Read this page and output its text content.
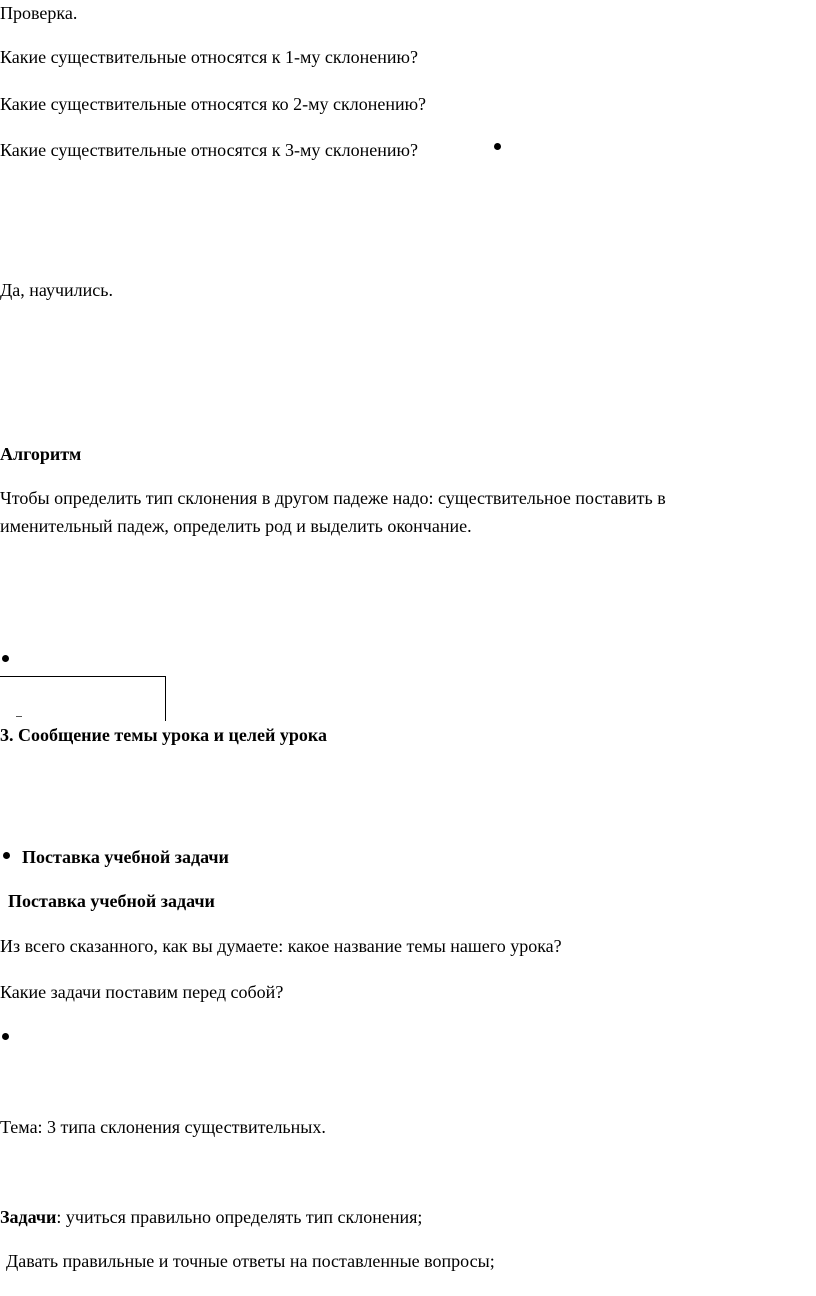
Проверка.
Какие существительные относятся к 1-му склонению?
Какие существительные относятся ко 2-му склонению?
Какие существительные относятся к 3-му склонению?
Да, научились.
Алгоритм
Чтобы определить тип склонения в другом падеже надо: существительное поставить в
именительный падеж, определить род и выделить окончание.
3. Сообщение темы урока и целей урока
Поставка учебной задачи
Поставка учебной задачи
Из всего сказанного, как вы думаете: какое название темы нашего урока?
Какие задачи поставим перед собой?
Тема: 3 типа склонения существительных.
Задачи: учиться правильно определять тип склонения;
Давать правильные и точные ответы на поставленные вопросы;
